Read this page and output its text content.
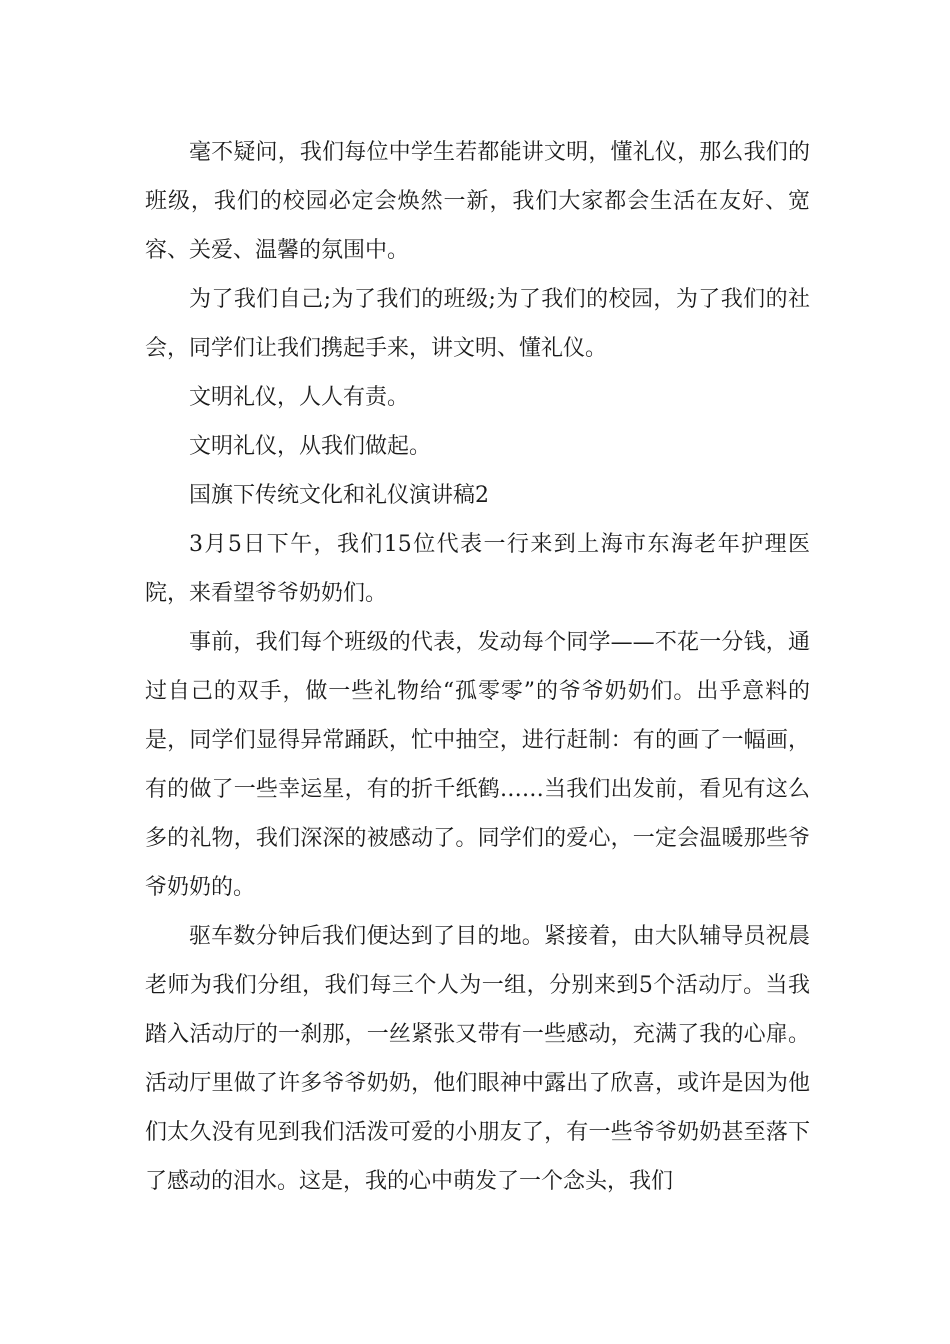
毫不疑问，我们每位中学生若都能讲文明，懂礼仪，那么我们的班级，我们的校园必定会焕然一新，我们大家都会生活在友好、宽容、关爱、温馨的氛围中。

为了我们自己;为了我们的班级;为了我们的校园，为了我们的社会，同学们让我们携起手来，讲文明、懂礼仪。

文明礼仪，人人有责。

文明礼仪，从我们做起。

国旗下传统文化和礼仪演讲稿2

3月5日下午，我们15位代表一行来到上海市东海老年护理医院，来看望爷爷奶奶们。

事前，我们每个班级的代表，发动每个同学——不花一分钱，通过自己的双手，做一些礼物给“孤零零”的爷爷奶奶们。出乎意料的是，同学们显得异常踊跃，忙中抽空，进行赶制：有的画了一幅画，有的做了一些幸运星，有的折千纸鹤……当我们出发前，看见有这么多的礼物，我们深深的被感动了。同学们的爱心，一定会温暖那些爷爷奶奶的。

驱车数分钟后我们便达到了目的地。紧接着，由大队辅导员祝晨老师为我们分组，我们每三个人为一组，分别来到5个活动厅。当我踏入活动厅的一刹那，一丝紧张又带有一些感动，充满了我的心扉。活动厅里做了许多爷爷奶奶，他们眼神中露出了欣喜，或许是因为他们太久没有见到我们活泼可爱的小朋友了，有一些爷爷奶奶甚至落下了感动的泪水。这是，我的心中萌发了一个念头，我们
